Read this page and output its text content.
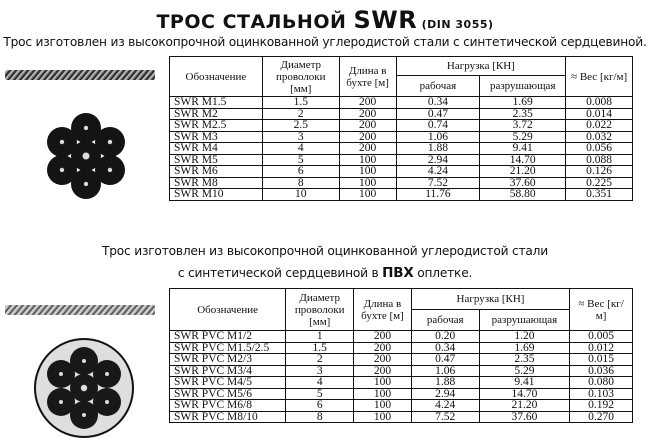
ТРОС СТАЛЬНОЙ SWR (DIN 3055)
Трос изготовлен из высокопрочной оцинкованной углеродистой стали с синтетической сердцевиной.
Обозначение	Диаметр проволоки [мм]	Длина в бухте [м]	Нагрузка [КН]		≈ Вес [кг/м]
			рабочая	разрушающая	
SWR M1.5	1.5	200	0.34	1.69	0.008
SWR M2	2	200	0.47	2.35	0.014
SWR M2.5	2.5	200	0.74	3.72	0.022
SWR M3	3	200	1.06	5.29	0.032
SWR M4	4	200	1.88	9.41	0.056
SWR M5	5	100	2.94	14.70	0.088
SWR M6	6	100	4.24	21.20	0.126
SWR M8	8	100	7.52	37.60	0.225
SWR M10	10	100	11.76	58.80	0.351
Трос изготовлен из высокопрочной оцинкованной углеродистой стали
с синтетической сердцевиной в ПВХ оплетке.
Обозначение	Диаметр проволоки [мм]	Длина в бухте [м]	Нагрузка [КН]		≈ Вес [кг/м]
			рабочая	разрушающая	
SWR PVC M1/2	1	200	0.20	1.20	0.005
SWR PVC M1.5/2.5	1.5	200	0.34	1.69	0.012
SWR PVC M2/3	2	200	0.47	2.35	0.015
SWR PVC M3/4	3	200	1.06	5.29	0.036
SWR PVC M4/5	4	100	1.88	9.41	0.080
SWR PVC M5/6	5	100	2.94	14.70	0.103
SWR PVC M6/8	6	100	4.24	21.20	0.192
SWR PVC M8/10	8	100	7.52	37.60	0.270
